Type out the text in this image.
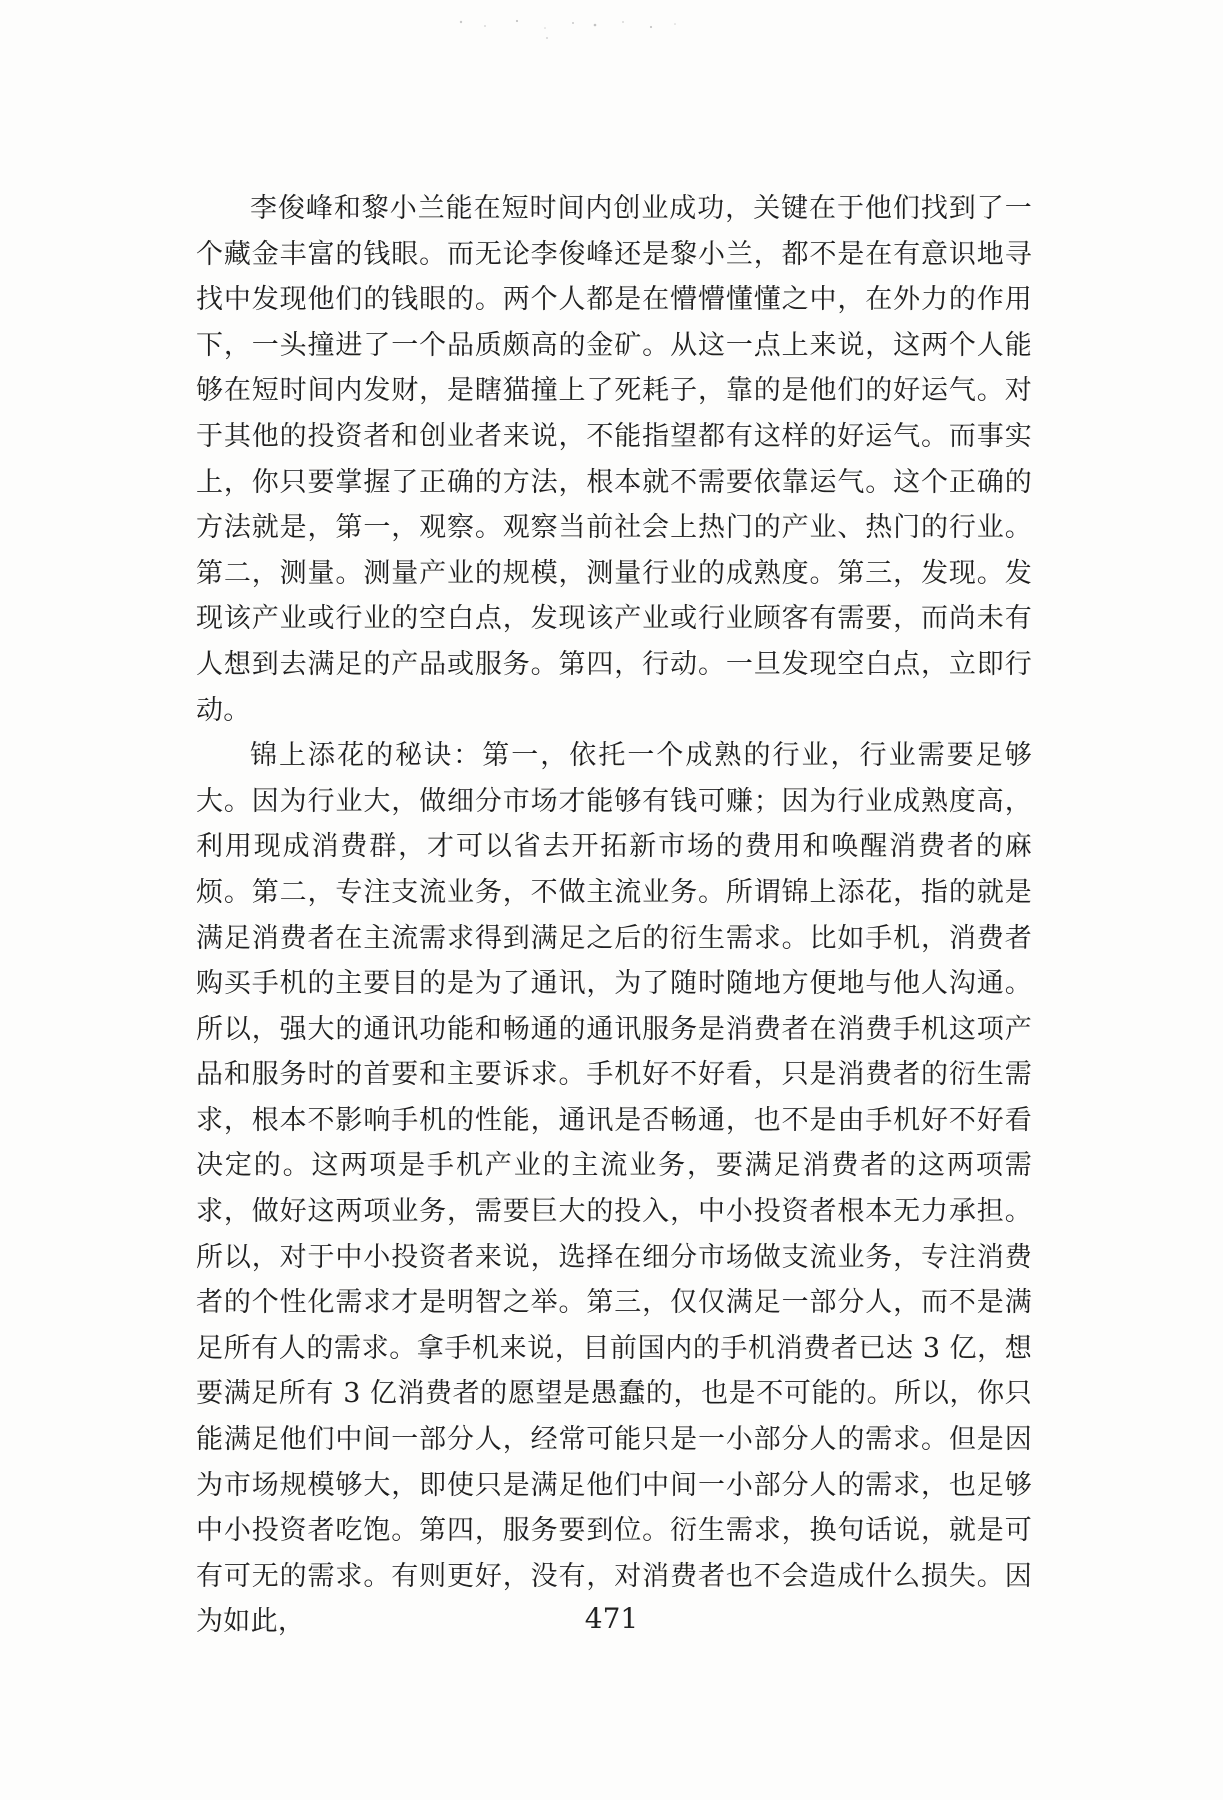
李俊峰和黎小兰能在短时间内创业成功，关键在于他们找到了一个藏金丰富的钱眼。而无论李俊峰还是黎小兰，都不是在有意识地寻找中发现他们的钱眼的。两个人都是在懵懵懂懂之中，在外力的作用下，一头撞进了一个品质颇高的金矿。从这一点上来说，这两个人能够在短时间内发财，是瞎猫撞上了死耗子，靠的是他们的好运气。对于其他的投资者和创业者来说，不能指望都有这样的好运气。而事实上，你只要掌握了正确的方法，根本就不需要依靠运气。这个正确的方法就是，第一，观察。观察当前社会上热门的产业、热门的行业。第二，测量。测量产业的规模，测量行业的成熟度。第三，发现。发现该产业或行业的空白点，发现该产业或行业顾客有需要，而尚未有人想到去满足的产品或服务。第四，行动。一旦发现空白点，立即行动。

锦上添花的秘诀：第一，依托一个成熟的行业，行业需要足够大。因为行业大，做细分市场才能够有钱可赚；因为行业成熟度高，利用现成消费群，才可以省去开拓新市场的费用和唤醒消费者的麻烦。第二，专注支流业务，不做主流业务。所谓锦上添花，指的就是满足消费者在主流需求得到满足之后的衍生需求。比如手机，消费者购买手机的主要目的是为了通讯，为了随时随地方便地与他人沟通。所以，强大的通讯功能和畅通的通讯服务是消费者在消费手机这项产品和服务时的首要和主要诉求。手机好不好看，只是消费者的衍生需求，根本不影响手机的性能，通讯是否畅通，也不是由手机好不好看决定的。这两项是手机产业的主流业务，要满足消费者的这两项需求，做好这两项业务，需要巨大的投入，中小投资者根本无力承担。所以，对于中小投资者来说，选择在细分市场做支流业务，专注消费者的个性化需求才是明智之举。第三，仅仅满足一部分人，而不是满足所有人的需求。拿手机来说，目前国内的手机消费者已达 3 亿，想要满足所有 3 亿消费者的愿望是愚蠢的，也是不可能的。所以，你只能满足他们中间一部分人，经常可能只是一小部分人的需求。但是因为市场规模够大，即使只是满足他们中间一小部分人的需求，也足够中小投资者吃饱。第四，服务要到位。衍生需求，换句话说，就是可有可无的需求。有则更好，没有，对消费者也不会造成什么损失。因为如此，	471
